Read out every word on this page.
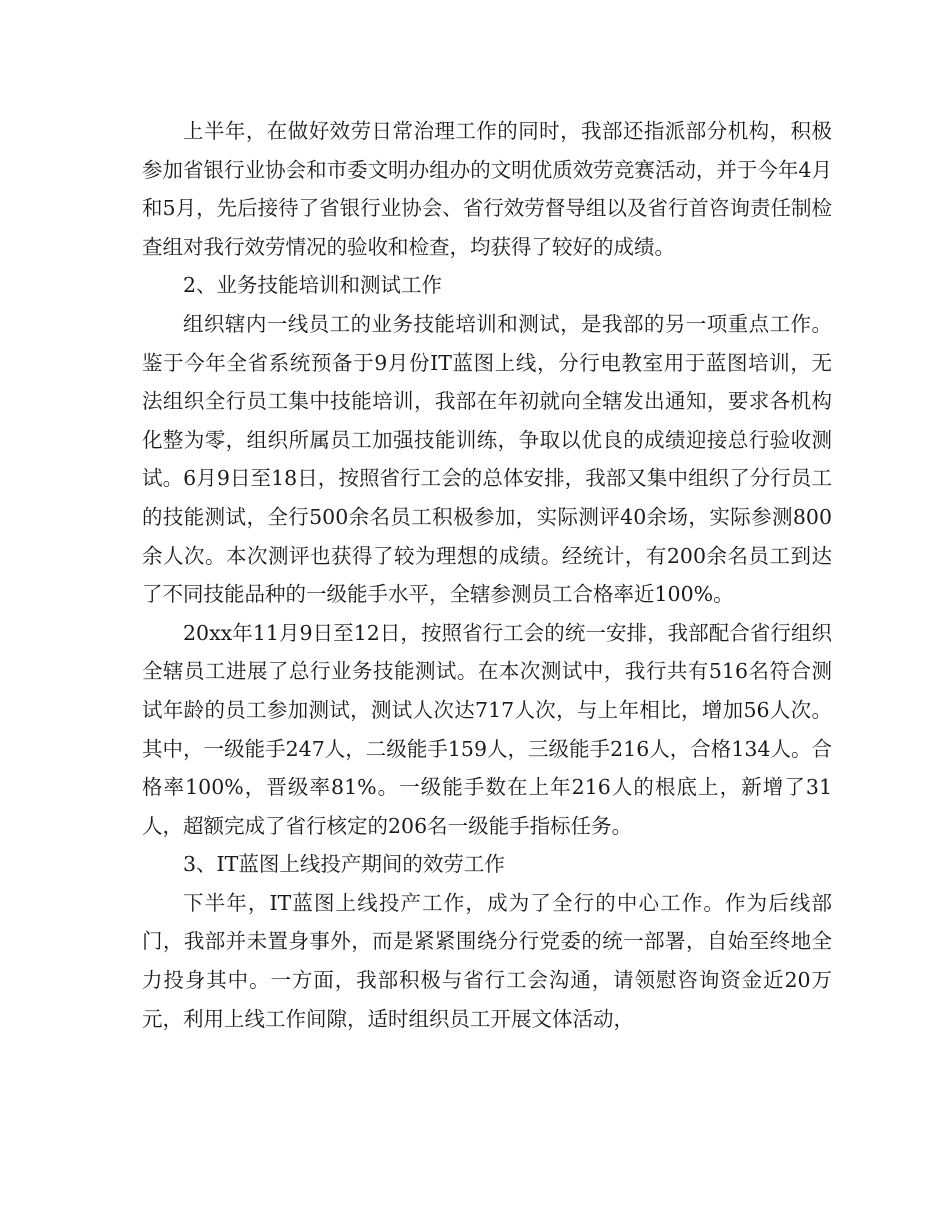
上半年，在做好效劳日常治理工作的同时，我部还指派部分机构，积极参加省银行业协会和市委文明办组办的文明优质效劳竞赛活动，并于今年4月和5月，先后接待了省银行业协会、省行效劳督导组以及省行首咨询责任制检查组对我行效劳情况的验收和检查，均获得了较好的成绩。

2、业务技能培训和测试工作

组织辖内一线员工的业务技能培训和测试，是我部的另一项重点工作。鉴于今年全省系统预备于9月份IT蓝图上线，分行电教室用于蓝图培训，无法组织全行员工集中技能培训，我部在年初就向全辖发出通知，要求各机构化整为零，组织所属员工加强技能训练，争取以优良的成绩迎接总行验收测试。6月9日至18日，按照省行工会的总体安排，我部又集中组织了分行员工的技能测试，全行500余名员工积极参加，实际测评40余场，实际参测800余人次。本次测评也获得了较为理想的成绩。经统计，有200余名员工到达了不同技能品种的一级能手水平，全辖参测员工合格率近100%。

20xx年11月9日至12日，按照省行工会的统一安排，我部配合省行组织全辖员工进展了总行业务技能测试。在本次测试中，我行共有516名符合测试年龄的员工参加测试，测试人次达717人次，与上年相比，增加56人次。其中，一级能手247人，二级能手159人，三级能手216人，合格134人。合格率100%，晋级率81%。一级能手数在上年216人的根底上，新增了31人，超额完成了省行核定的206名一级能手指标任务。

3、IT蓝图上线投产期间的效劳工作

下半年，IT蓝图上线投产工作，成为了全行的中心工作。作为后线部门，我部并未置身事外，而是紧紧围绕分行党委的统一部署，自始至终地全力投身其中。一方面，我部积极与省行工会沟通，请领慰咨询资金近20万元，利用上线工作间隙，适时组织员工开展文体活动，
